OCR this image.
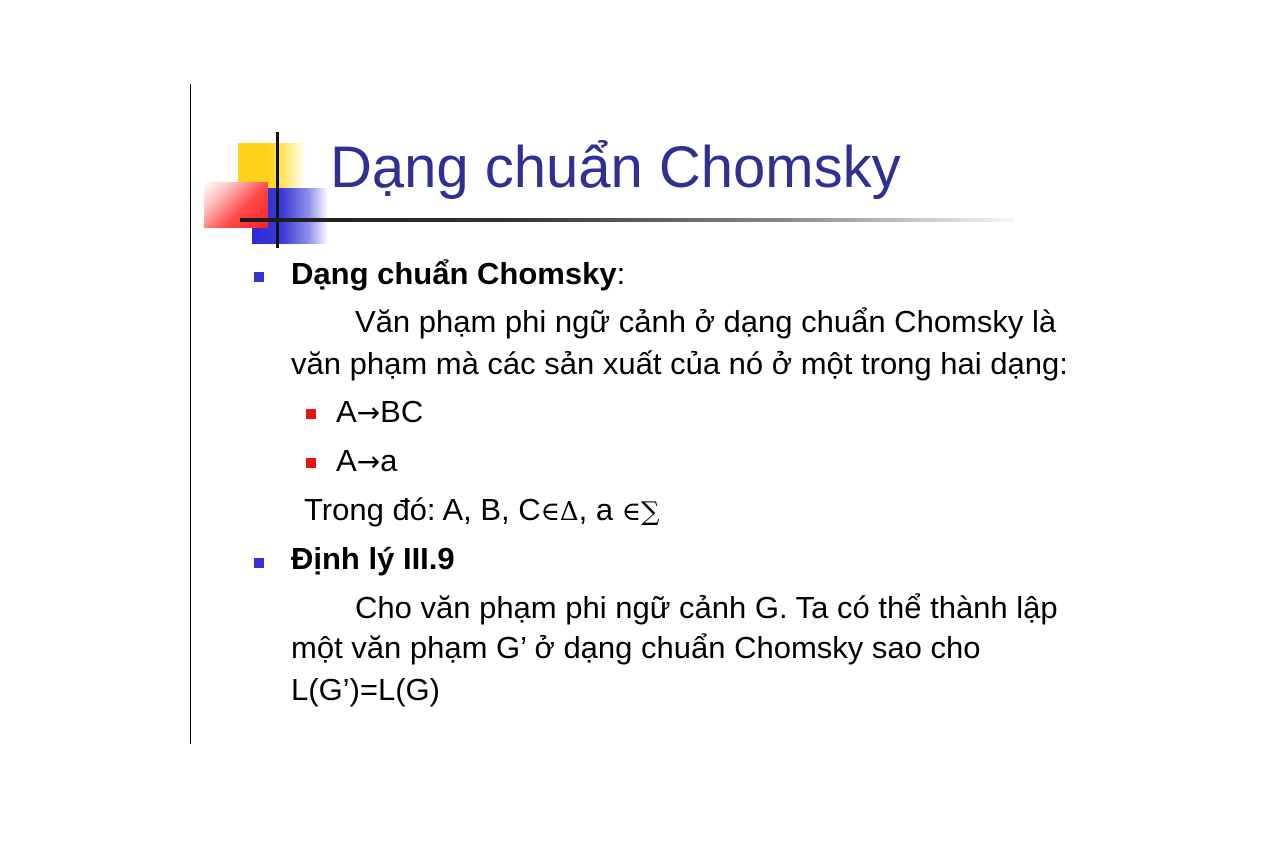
Dạng chuẩn Chomsky

Dạng chuẩn Chomsky:

Văn phạm phi ngữ cảnh ở dạng chuẩn Chomsky là

văn phạm mà các sản xuất của nó ở một trong hai dạng:

A→BC

A→a

Trong đó: A, B, C∈Δ, a ∈∑

Định lý III.9

Cho văn phạm phi ngữ cảnh G. Ta có thể thành lập

một văn phạm G’ ở dạng chuẩn Chomsky sao cho

L(G’)=L(G)
